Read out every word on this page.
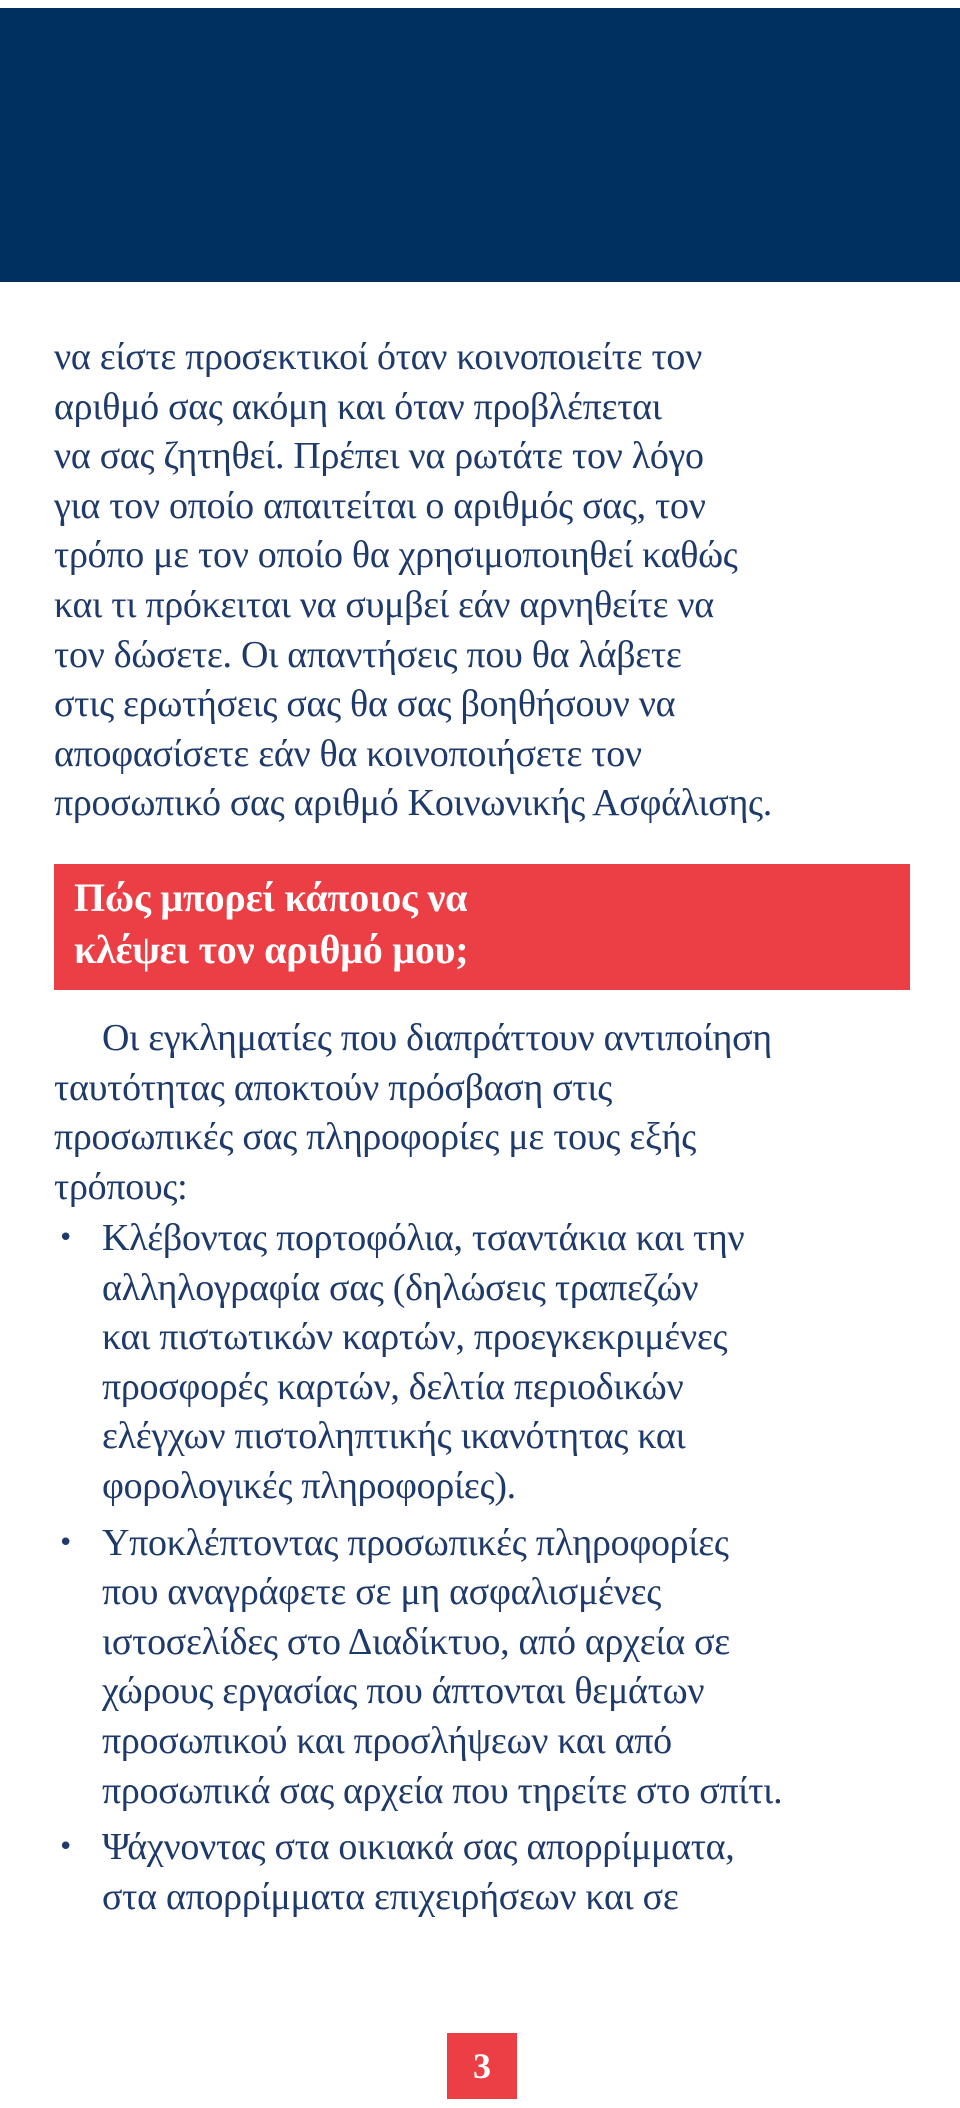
να είστε προσεκτικοί όταν κοινοποιείτε τον
αριθμό σας ακόμη και όταν προβλέπεται
να σας ζητηθεί. Πρέπει να ρωτάτε τον λόγο
για τον οποίο απαιτείται ο αριθμός σας, τον
τρόπο με τον οποίο θα χρησιμοποιηθεί καθώς
και τι πρόκειται να συμβεί εάν αρνηθείτε να
τον δώσετε. Οι απαντήσεις που θα λάβετε
στις ερωτήσεις σας θα σας βοηθήσουν να
αποφασίσετε εάν θα κοινοποιήσετε τον
προσωπικό σας αριθμό Κοινωνικής Ασφάλισης.
Πώς μπορεί κάποιος να
κλέψει τον αριθμό μου;
Οι εγκληματίες που διαπράττουν αντιποίηση
ταυτότητας αποκτούν πρόσβαση στις
προσωπικές σας πληροφορίες με τους εξής
τρόπους:
• Κλέβοντας πορτοφόλια, τσαντάκια και την
αλληλογραφία σας (δηλώσεις τραπεζών
και πιστωτικών καρτών, προεγκεκριμένες
προσφορές καρτών, δελτία περιοδικών
ελέγχων πιστοληπτικής ικανότητας και
φορολογικές πληροφορίες).
• Υποκλέπτοντας προσωπικές πληροφορίες
που αναγράφετε σε μη ασφαλισμένες
ιστοσελίδες στο Διαδίκτυο, από αρχεία σε
χώρους εργασίας που άπτονται θεμάτων
προσωπικού και προσλήψεων και από
προσωπικά σας αρχεία που τηρείτε στο σπίτι.
• Ψάχνοντας στα οικιακά σας απορρίμματα,
στα απορρίμματα επιχειρήσεων και σε
3
